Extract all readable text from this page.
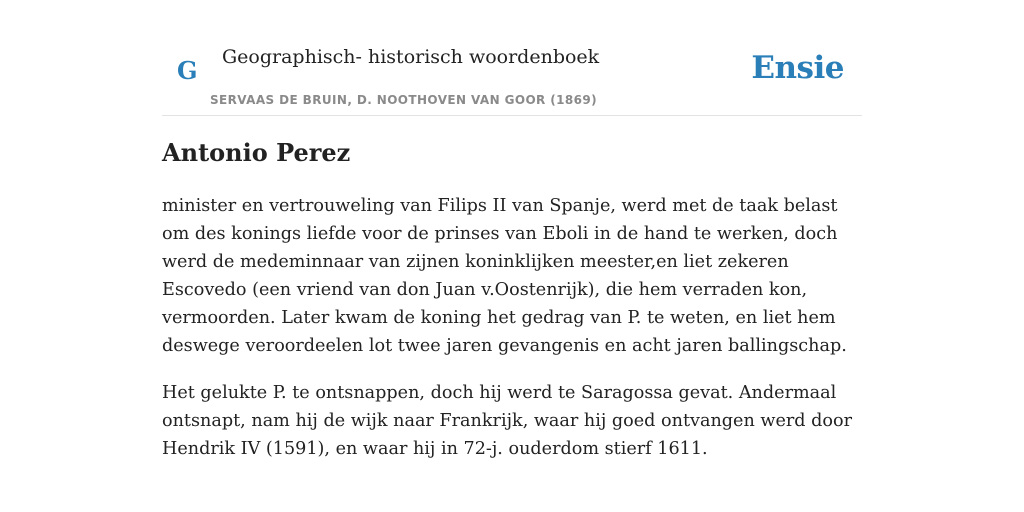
G Geographisch- historisch woordenboek
SERVAAS DE BRUIN, D. NOOTHOVEN VAN GOOR (1869)
Ensie
Antonio Perez

minister en vertrouweling van Filips II van Spanje, werd met de taak belast om des konings liefde voor de prinses van Eboli in de hand te werken, doch werd de medeminnaar van zijnen koninklijken meester,en liet zekeren Escovedo (een vriend van don Juan v.Oostenrijk), die hem verraden kon, vermoorden. Later kwam de koning het gedrag van P. te weten, en liet hem deswege veroordeelen lot twee jaren gevangenis en acht jaren ballingschap.

Het gelukte P. te ontsnappen, doch hij werd te Saragossa gevat. Andermaal ontsnapt, nam hij de wijk naar Frankrijk, waar hij goed ontvangen werd door Hendrik IV (1591), en waar hij in 72-j. ouderdom stierf 1611.
